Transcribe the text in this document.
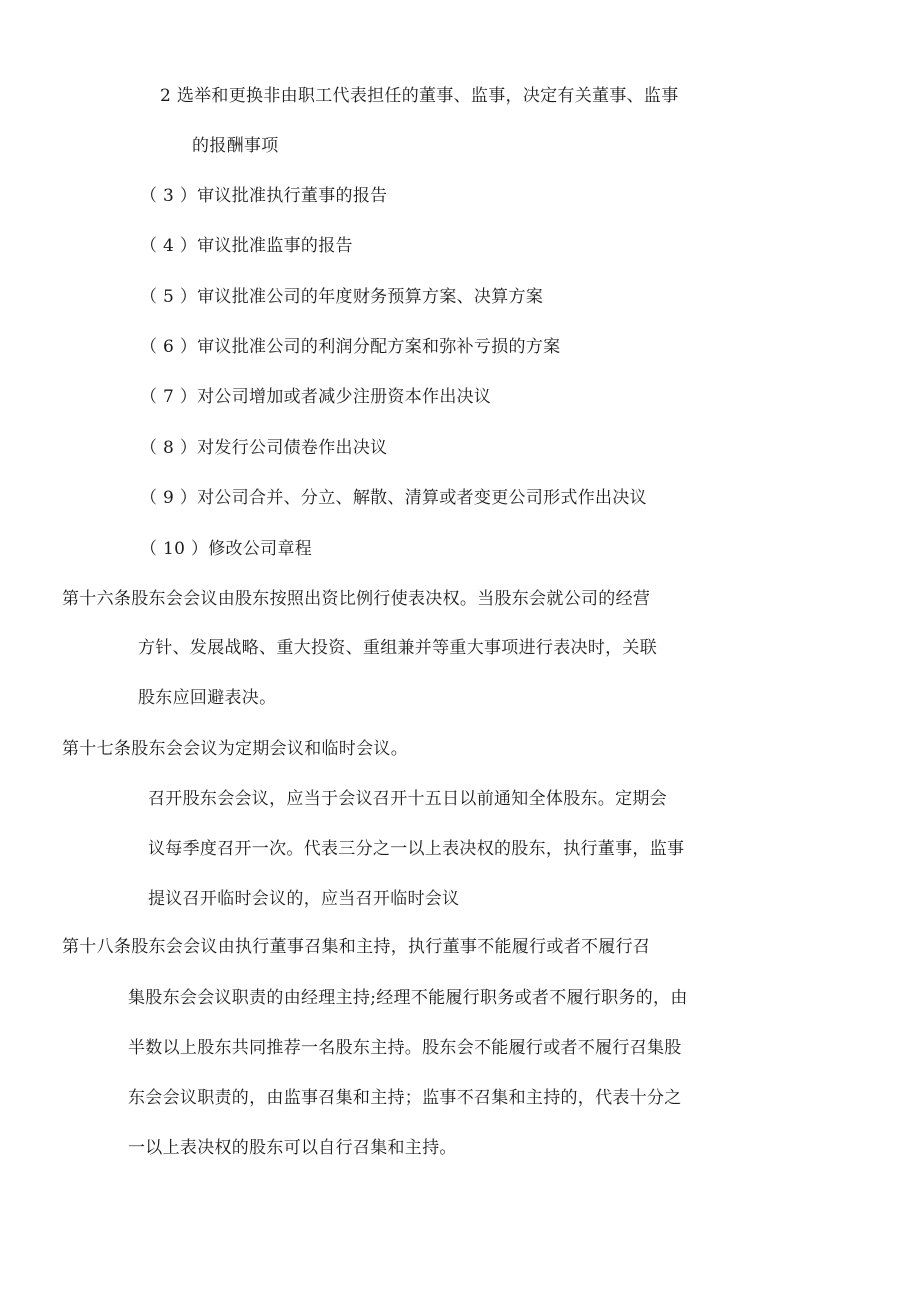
2 选举和更换非由职工代表担任的董事、监事，决定有关董事、监事
的报酬事项
（ 3 ）审议批准执行董事的报告
（ 4 ）审议批准监事的报告
（ 5 ）审议批准公司的年度财务预算方案、决算方案
（ 6 ）审议批准公司的利润分配方案和弥补亏损的方案
（ 7 ）对公司增加或者减少注册资本作出决议
（ 8 ）对发行公司债卷作出决议
（ 9 ）对公司合并、分立、解散、清算或者变更公司形式作出决议
（ 10 ）修改公司章程
第十六条股东会会议由股东按照出资比例行使表决权。当股东会就公司的经营
方针、发展战略、重大投资、重组兼并等重大事项进行表决时，关联
股东应回避表决。
第十七条股东会会议为定期会议和临时会议。
召开股东会会议，应当于会议召开十五日以前通知全体股东。定期会
议每季度召开一次。代表三分之一以上表决权的股东，执行董事，监事
提议召开临时会议的，应当召开临时会议
第十八条股东会会议由执行董事召集和主持，执行董事不能履行或者不履行召
集股东会会议职责的由经理主持;经理不能履行职务或者不履行职务的，由
半数以上股东共同推荐一名股东主持。股东会不能履行或者不履行召集股
东会会议职责的，由监事召集和主持；监事不召集和主持的，代表十分之
一以上表决权的股东可以自行召集和主持。
